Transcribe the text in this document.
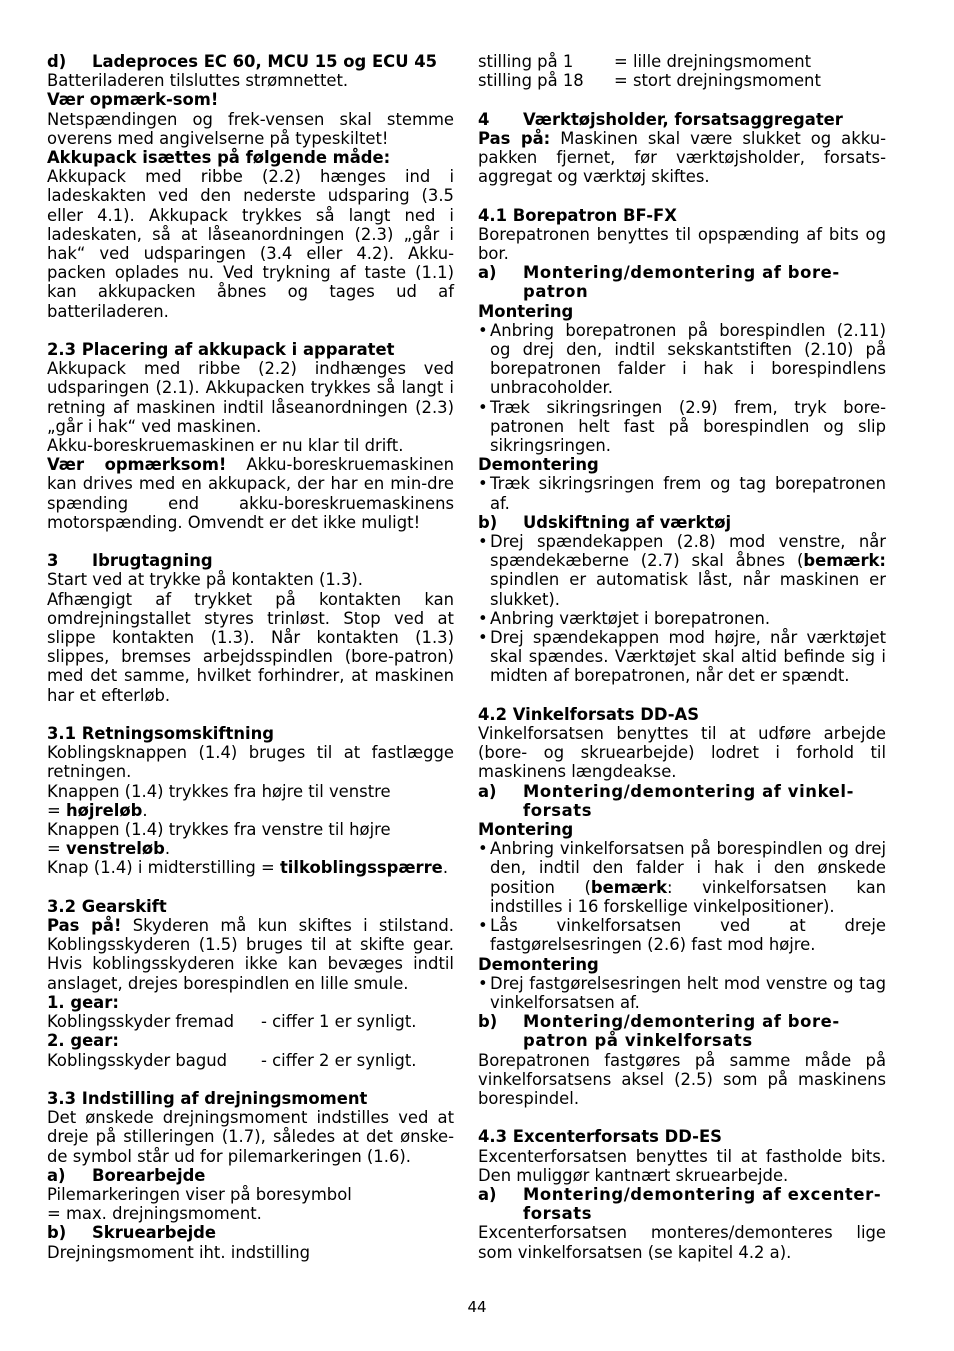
d)	Ladeproces EC 60, MCU 15 og ECU 45

Batteriladeren tilsluttes strømnettet.

Vær opmærk-som!

Netspændingen og frek-vensen skal stemme overens med angivelserne på typeskiltet!

Akkupack isættes på følgende måde:

Akkupack med ribbe (2.2) hænges ind i ladeskakten ved den nederste udsparing (3.5 eller 4.1). Akkupack trykkes så langt ned i ladeskaten, så at låseanordningen (2.3) „går i hak“ ved udsparingen (3.4 eller 4.2). Akku-packen oplades nu. Ved trykning af taste (1.1) kan akkupacken åbnes og tages ud af batteriladeren.

2.3 Placering af akkupack i apparatet

Akkupack med ribbe (2.2) indhænges ved udsparingen (2.1). Akkupacken trykkes så langt i retning af maskinen indtil låseanordningen (2.3) „går i hak“ ved maskinen.

Akku-boreskruemaskinen er nu klar til drift.

Vær opmærksom! Akku-boreskruemaskinen kan drives med en akkupack, der har en min-dre spænding end akku-boreskruemaskinens motorspænding. Omvendt er det ikke muligt!

3	Ibrugtagning

Start ved at trykke på kontakten (1.3).

Afhængigt af trykket på kontakten kan omdrejningstallet styres trinløst. Stop ved at slippe kontakten (1.3). Når kontakten (1.3) slippes, bremses arbejdsspindlen (bore-patron) med det samme, hvilket forhindrer, at maskinen har et efterløb.

3.1 Retningsomskiftning

Koblingsknappen (1.4) bruges til at fastlægge retningen.

Knappen (1.4) trykkes fra højre til venstre

= højreløb.

Knappen (1.4) trykkes fra venstre til højre

= venstreløb.

Knap (1.4) i midterstilling = tilkoblingsspærre.

3.2 Gearskift

Pas på! Skyderen må kun skiftes i stilstand. Koblingsskyderen (1.5) bruges til at skifte gear. Hvis koblingsskyderen ikke kan bevæges indtil anslaget, drejes borespindlen en lille smule.

1. gear:

Koblingsskyder fremad	- ciffer 1 er synligt.

2. gear:

Koblingsskyder bagud	- ciffer 2 er synligt.

3.3 Indstilling af drejningsmoment

Det ønskede drejningsmoment indstilles ved at dreje på stilleringen (1.7), således at det ønske-de symbol står ud for pilemarkeringen (1.6).

a)	Borearbejde

Pilemarkeringen viser på boresymbol

= max. drejningsmoment.

b)	Skruearbejde

Drejningsmoment iht. indstilling

stilling på 1	= lille drejningsmoment
stilling på 18	= stort drejningsmoment
4	Værktøjsholder, forsatsaggregater

Pas på: Maskinen skal være slukket og akku-pakken fjernet, før værktøjsholder, forsats-aggregat og værktøj skiftes.

4.1 Borepatron BF-FX

Borepatronen benyttes til opspænding af bits og bor.

a)	Montering/demontering af bore-patron

Montering

• Anbring borepatronen på borespindlen (2.11) og drej den, indtil sekskantstiften (2.10) på borepatronen falder i hak i borespindlens unbracoholder.
• Træk sikringsringen (2.9) frem, tryk bore-patronen helt fast på borespindlen og slip sikringsringen.

Demontering

• Træk sikringsringen frem og tag borepatronen af.
b)	Udskiftning af værktøj
• Drej spændekappen (2.8) mod venstre, når spændekæberne (2.7) skal åbnes (bemærk: spindlen er automatisk låst, når maskinen er slukket).
• Anbring værktøjet i borepatronen.
• Drej spændekappen mod højre, når værktøjet skal spændes. Værktøjet skal altid befinde sig i midten af borepatronen, når det er spændt.

4.2 Vinkelforsats DD-AS

Vinkelforsatsen benyttes til at udføre arbejde (bore- og skruearbejde) lodret i forhold til maskinens længdeakse.

a)	Montering/demontering af vinkel-forsats

Montering

• Anbring vinkelforsatsen på borespindlen og drej den, indtil den falder i hak i den ønskede position (bemærk: vinkelforsatsen kan indstilles i 16 forskellige vinkelpositioner).
• Lås vinkelforsatsen ved at dreje fastgørelsesringen (2.6) fast mod højre.

Demontering

• Drej fastgørelsesringen helt mod venstre og tag vinkelforsatsen af.
b)	Montering/demontering af bore-patron på vinkelforsats

Borepatronen fastgøres på samme måde på vinkelforsatsens aksel (2.5) som på maskinens borespindel.

4.3 Excenterforsats DD-ES

Excenterforsatsen benyttes til at fastholde bits. Den muliggør kantnært skruearbejde.

a)	Montering/demontering af excenter-forsats

Excenterforsatsen monteres/demonteres lige som vinkelforsatsen (se kapitel 4.2 a).

44
